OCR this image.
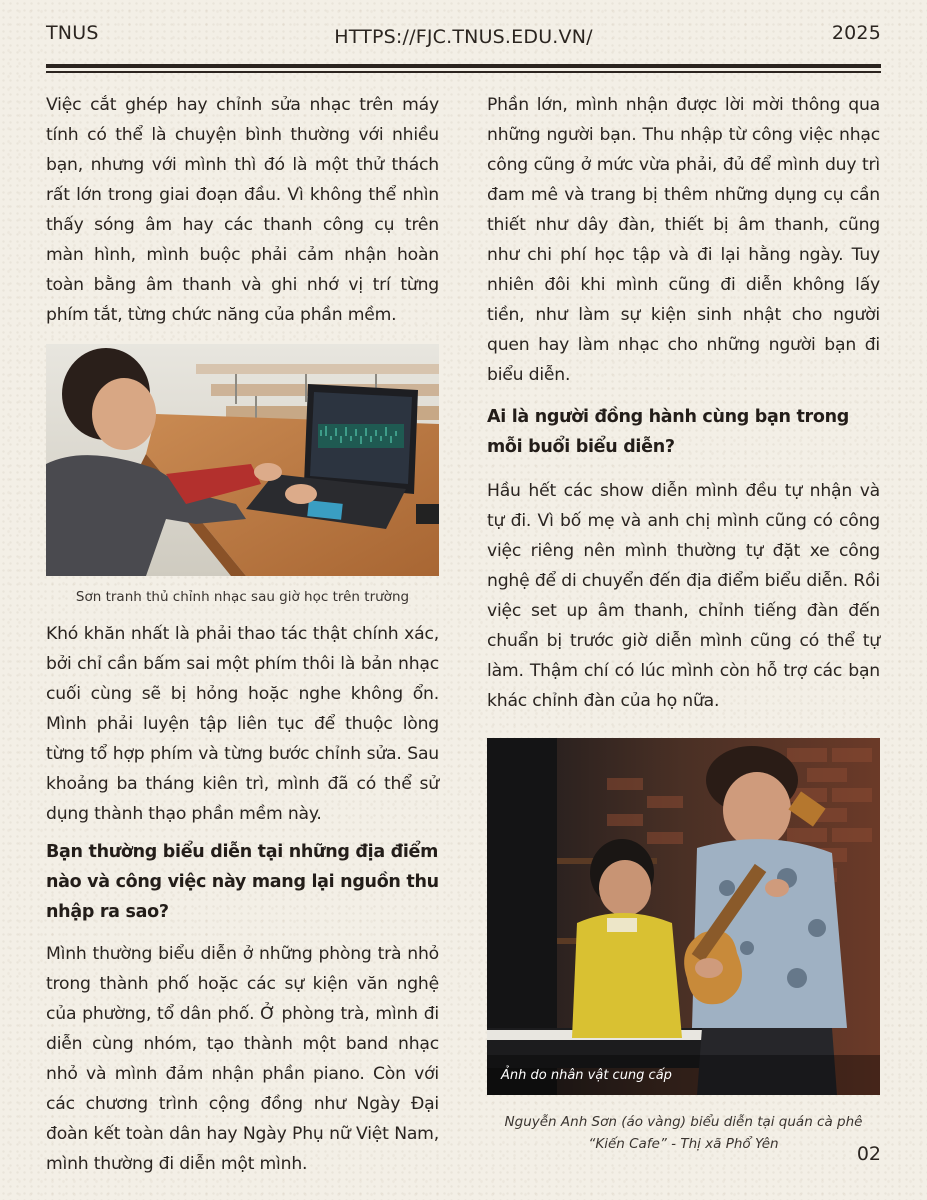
TNUS	HTTPS://FJC.TNUS.EDU.VN/	2025

Việc cắt ghép hay chỉnh sửa nhạc trên máy tính có thể là chuyện bình thường với nhiều bạn, nhưng với mình thì đó là một thử thách rất lớn trong giai đoạn đầu. Vì không thể nhìn thấy sóng âm hay các thanh công cụ trên màn hình, mình buộc phải cảm nhận hoàn toàn bằng âm thanh và ghi nhớ vị trí từng phím tắt, từng chức năng của phần mềm.

Sơn tranh thủ chỉnh nhạc sau giờ học trên trường

Khó khăn nhất là phải thao tác thật chính xác, bởi chỉ cần bấm sai một phím thôi là bản nhạc cuối cùng sẽ bị hỏng hoặc nghe không ổn. Mình phải luyện tập liên tục để thuộc lòng từng tổ hợp phím và từng bước chỉnh sửa. Sau khoảng ba tháng kiên trì, mình đã có thể sử dụng thành thạo phần mềm này.

Bạn thường biểu diễn tại những địa điểm nào và công việc này mang lại nguồn thu nhập ra sao?

Mình thường biểu diễn ở những phòng trà nhỏ trong thành phố hoặc các sự kiện văn nghệ của phường, tổ dân phố. Ở phòng trà, mình đi diễn cùng nhóm, tạo thành một band nhạc nhỏ và mình đảm nhận phần piano. Còn với các chương trình cộng đồng như Ngày Đại đoàn kết toàn dân hay Ngày Phụ nữ Việt Nam, mình thường đi diễn một mình.

Phần lớn, mình nhận được lời mời thông qua những người bạn. Thu nhập từ công việc nhạc công cũng ở mức vừa phải, đủ để mình duy trì đam mê và trang bị thêm những dụng cụ cần thiết như dây đàn, thiết bị âm thanh, cũng như chi phí học tập và đi lại hằng ngày. Tuy nhiên đôi khi mình cũng đi diễn không lấy tiền, như làm sự kiện sinh nhật cho người quen hay làm nhạc cho những người bạn đi biểu diễn.

Ai là người đồng hành cùng bạn trong mỗi buổi biểu diễn?

Hầu hết các show diễn mình đều tự nhận và tự đi. Vì bố mẹ và anh chị mình cũng có công việc riêng nên mình thường tự đặt xe công nghệ để di chuyển đến địa điểm biểu diễn. Rồi việc set up âm thanh, chỉnh tiếng đàn đến chuẩn bị trước giờ diễn mình cũng có thể tự làm. Thậm chí có lúc mình còn hỗ trợ các bạn khác chỉnh đàn của họ nữa.

Ảnh do nhân vật cung cấp
Nguyễn Anh Sơn (áo vàng) biểu diễn tại quán cà phê
“Kiến Cafe” - Thị xã Phổ Yên	02
